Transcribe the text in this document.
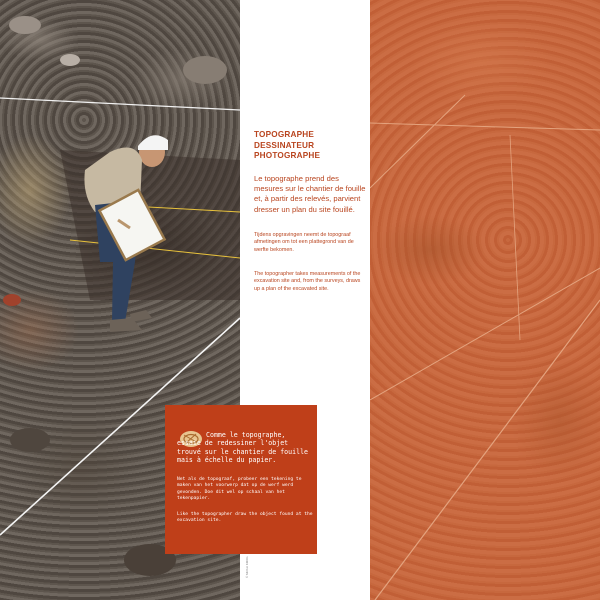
TOPOGRAPHE
DESSINATEUR
PHOTOGRAPHE
Le topographe prend des mesures sur le chantier de fouille et, à partir des relevés, parvient dresser un plan du site fouillé.
Tijdens opgravingen neemt de topograaf afmetingen om tot een plattegrond van de werfte bekomen.
The topographer takes measurements of the excavation site and, from the surveys, draws up a plan of the excavated site.
© MRAH KMKG
Comme le topographe, essaie de redessiner l'objet trouvé sur le chantier de fouille mais à échelle du papier.
Net als de topograaf, probeer een tekening te maken van het voorwerp dat op de werf werd gevonden. Doe dit wel op schaal van het tekenpapier.
Like the topographer draw the object found at the excavation site.
